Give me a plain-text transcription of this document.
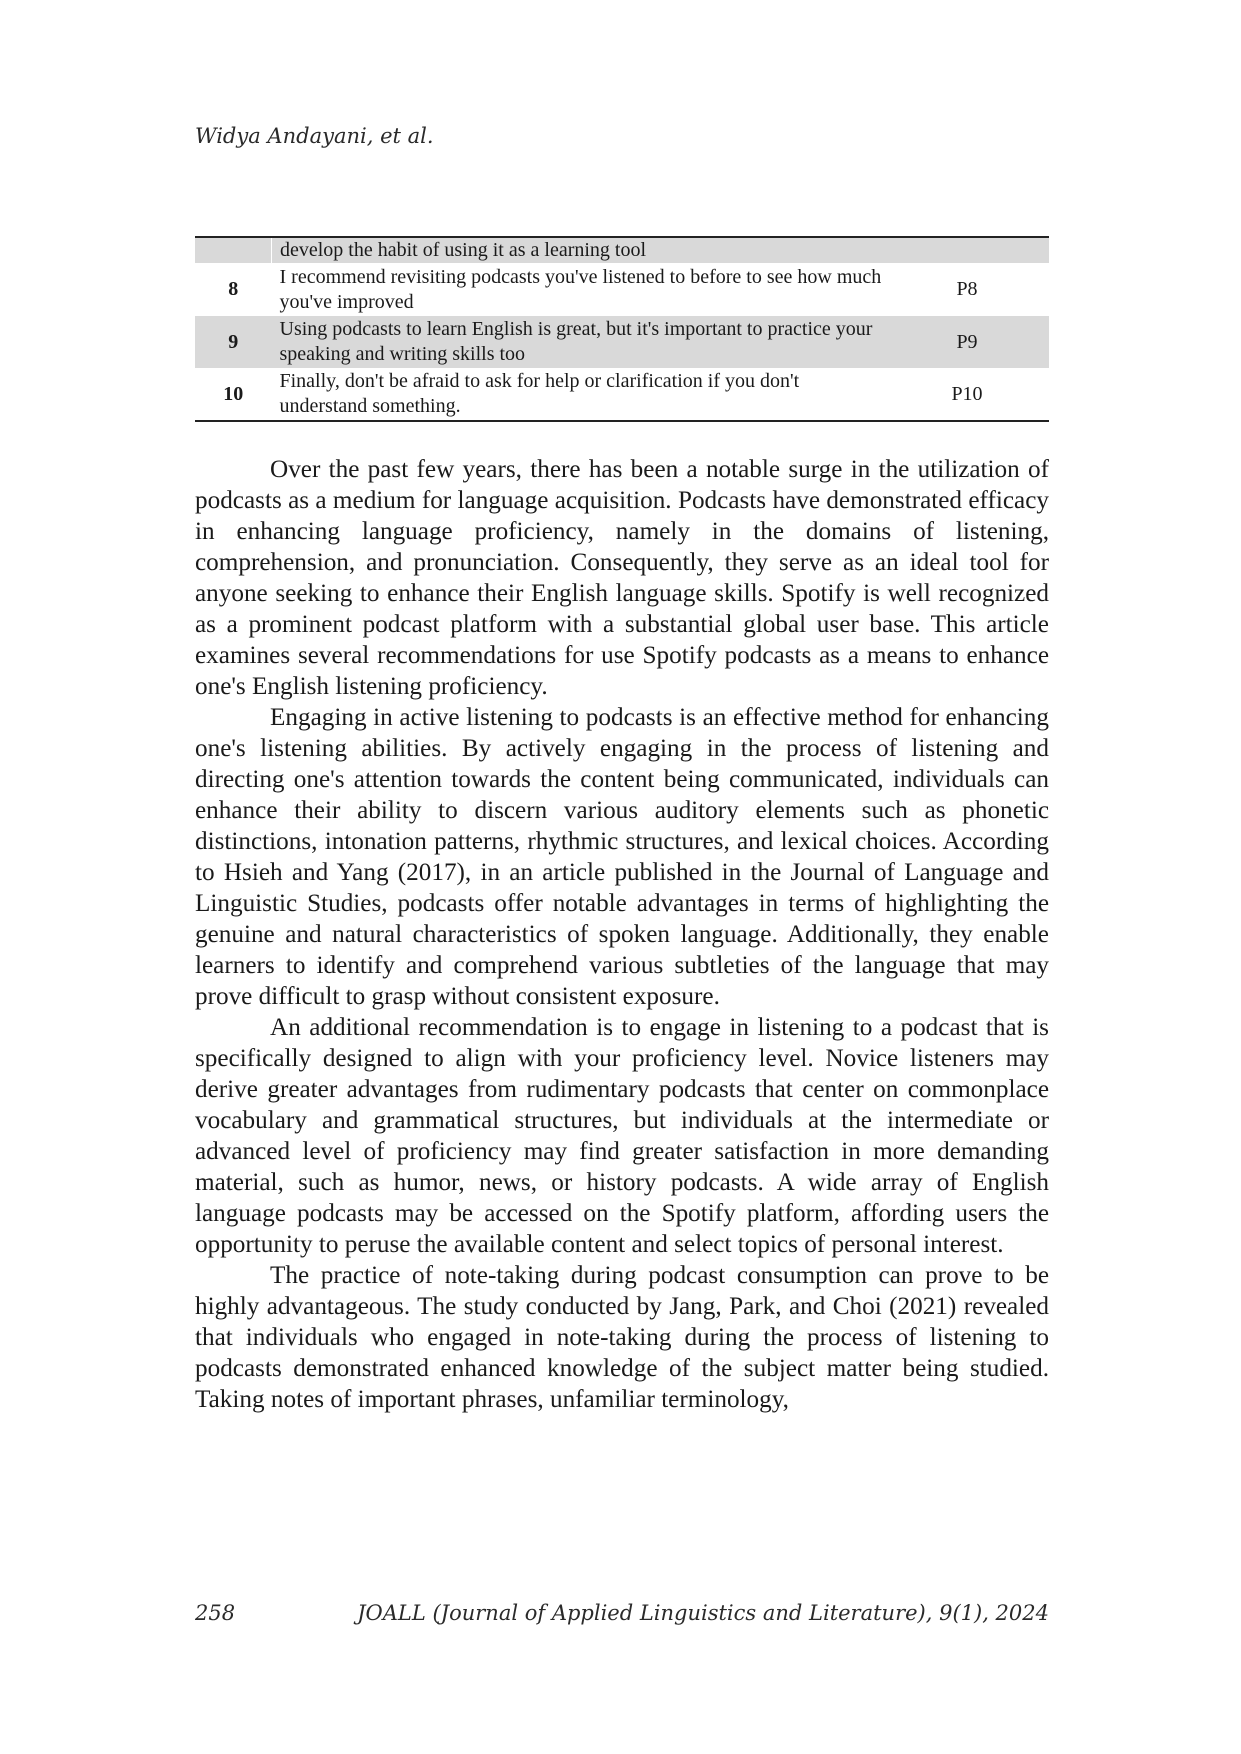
Widya Andayani, et al.
	develop the habit of using it as a learning tool	
8	I recommend revisiting podcasts you've listened to before to see how much you've improved	P8
9	Using podcasts to learn English is great, but it's important to practice your speaking and writing skills too	P9
10	Finally, don't be afraid to ask for help or clarification if you don't understand something.	P10

Over the past few years, there has been a notable surge in the utilization of podcasts as a medium for language acquisition. Podcasts have demonstrated efficacy in enhancing language proficiency, namely in the domains of listening, comprehension, and pronunciation. Consequently, they serve as an ideal tool for anyone seeking to enhance their English language skills. Spotify is well recognized as a prominent podcast platform with a substantial global user base. This article examines several recommendations for use Spotify podcasts as a means to enhance one's English listening proficiency.

Engaging in active listening to podcasts is an effective method for enhancing one's listening abilities. By actively engaging in the process of listening and directing one's attention towards the content being communicated, individuals can enhance their ability to discern various auditory elements such as phonetic distinctions, intonation patterns, rhythmic structures, and lexical choices. According to Hsieh and Yang (2017), in an article published in the Journal of Language and Linguistic Studies, podcasts offer notable advantages in terms of highlighting the genuine and natural characteristics of spoken language. Additionally, they enable learners to identify and comprehend various subtleties of the language that may prove difficult to grasp without consistent exposure.

An additional recommendation is to engage in listening to a podcast that is specifically designed to align with your proficiency level. Novice listeners may derive greater advantages from rudimentary podcasts that center on commonplace vocabulary and grammatical structures, but individuals at the intermediate or advanced level of proficiency may find greater satisfaction in more demanding material, such as humor, news, or history podcasts. A wide array of English language podcasts may be accessed on the Spotify platform, affording users the opportunity to peruse the available content and select topics of personal interest.

The practice of note-taking during podcast consumption can prove to be highly advantageous. The study conducted by Jang, Park, and Choi (2021) revealed that individuals who engaged in note-taking during the process of listening to podcasts demonstrated enhanced knowledge of the subject matter being studied. Taking notes of important phrases, unfamiliar terminology,

258	JOALL (Journal of Applied Linguistics and Literature), 9(1), 2024
